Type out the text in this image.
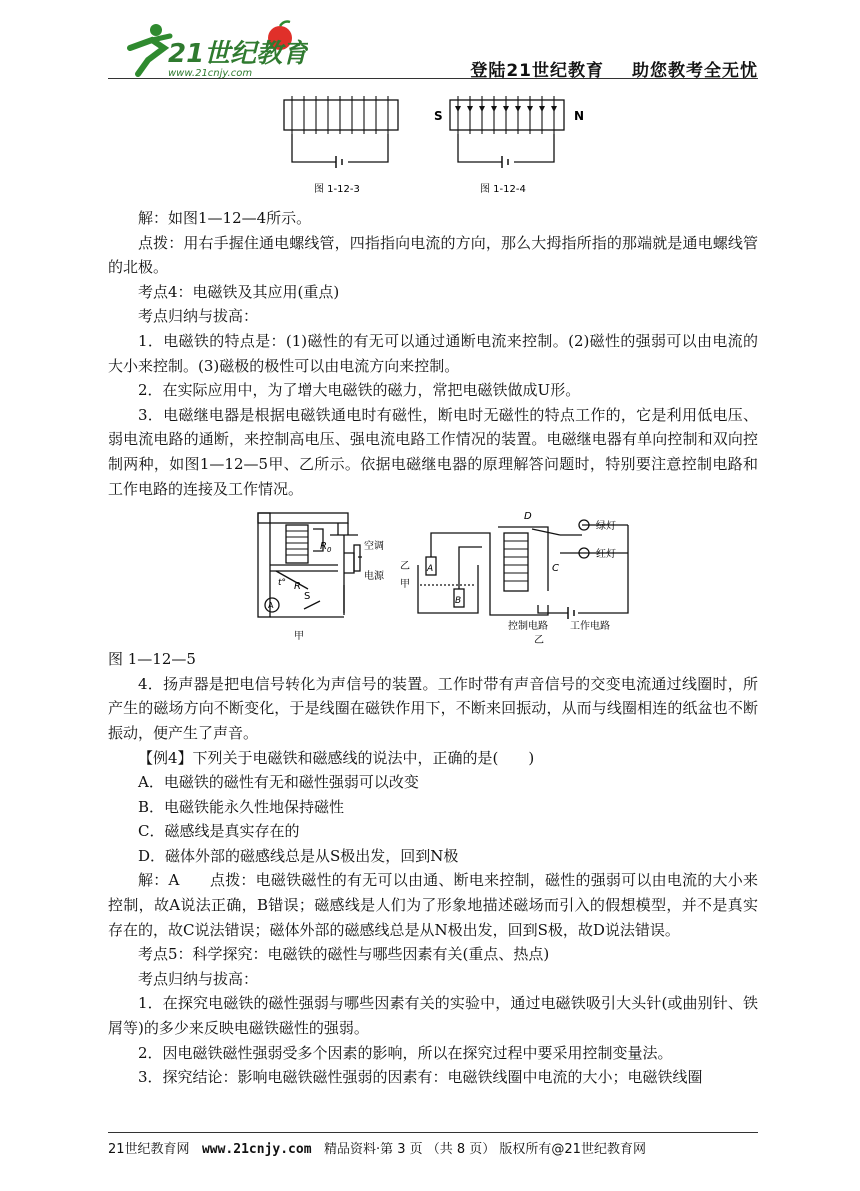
21世纪教育
www.21cnjy.com	登陆21世纪教育 助您教考全无忧
S	N
图 1-12-3	图 1-12-4

解：如图1—12—4所示。

点拨：用右手握住通电螺线管，四指指向电流的方向，那么大拇指所指的那端就是通电螺线管的北极。

考点4：电磁铁及其应用(重点)

考点归纳与拔高：

1．电磁铁的特点是：(1)磁性的有无可以通过通断电流来控制。(2)磁性的强弱可以由电流的大小来控制。(3)磁极的极性可以由电流方向来控制。

2．在实际应用中，为了增大电磁铁的磁力，常把电磁铁做成U形。

3．电磁继电器是根据电磁铁通电时有磁性，断电时无磁性的特点工作的，它是利用低电压、弱电流电路的通断，来控制高电压、强电流电路工作情况的装置。电磁继电器有单向控制和双向控制两种，如图1—12—5甲、乙所示。依据电磁继电器的原理解答问题时，特别要注意控制电路和工作电路的连接及工作情况。

R 0
R
t°
S
A
空调
电源
甲
D
C
B
A
绿灯
红灯
控制电路 工作电路
乙
甲
乙

图 1—12—5

4．扬声器是把电信号转化为声信号的装置。工作时带有声音信号的交变电流通过线圈时，所产生的磁场方向不断变化，于是线圈在磁铁作用下，不断来回振动，从而与线圈相连的纸盆也不断振动，便产生了声音。

【例4】下列关于电磁铁和磁感线的说法中，正确的是(　　)

A．电磁铁的磁性有无和磁性强弱可以改变

B．电磁铁能永久性地保持磁性

C．磁感线是真实存在的

D．磁体外部的磁感线总是从S极出发，回到N极

解：A　　点拨：电磁铁磁性的有无可以由通、断电来控制，磁性的强弱可以由电流的大小来控制，故A说法正确，B错误；磁感线是人们为了形象地描述磁场而引入的假想模型，并不是真实存在的，故C说法错误；磁体外部的磁感线总是从N极出发，回到S极，故D说法错误。

考点5：科学探究：电磁铁的磁性与哪些因素有关(重点、热点)

考点归纳与拔高：

1．在探究电磁铁的磁性强弱与哪些因素有关的实验中，通过电磁铁吸引大头针(或曲别针、铁屑等)的多少来反映电磁铁磁性的强弱。

2．因电磁铁磁性强弱受多个因素的影响，所以在探究过程中要采用控制变量法。

3．探究结论：影响电磁铁磁性强弱的因素有：电磁铁线圈中电流的大小；电磁铁线圈

21世纪教育网 www.21cnjy.com 精品资料·第 3 页 （共 8 页） 版权所有@21世纪教育网
